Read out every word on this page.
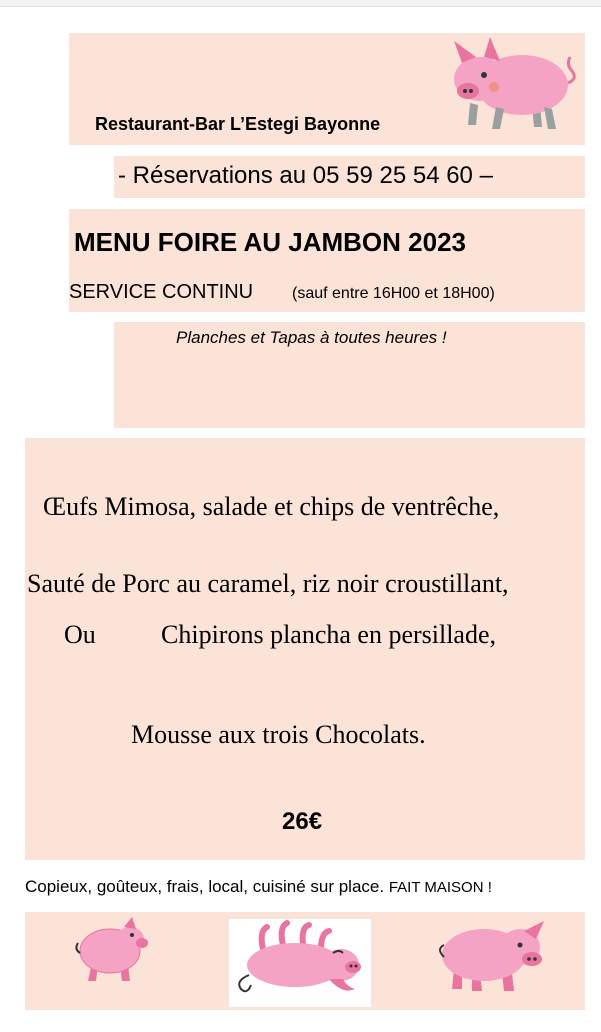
Restaurant-Bar L’Estegi Bayonne
- Réservations au 05 59 25 54 60 –
MENU FOIRE AU JAMBON 2023
SERVICE CONTINU (sauf entre 16H00 et 18H00)
Planches et Tapas à toutes heures !
Œufs Mimosa, salade et chips de ventrêche,
Sauté de Porc au caramel, riz noir croustillant,
Ou	Chipirons plancha en persillade,
Mousse aux trois Chocolats.
26€
Copieux, goûteux, frais, local, cuisiné sur place. FAIT MAISON !
